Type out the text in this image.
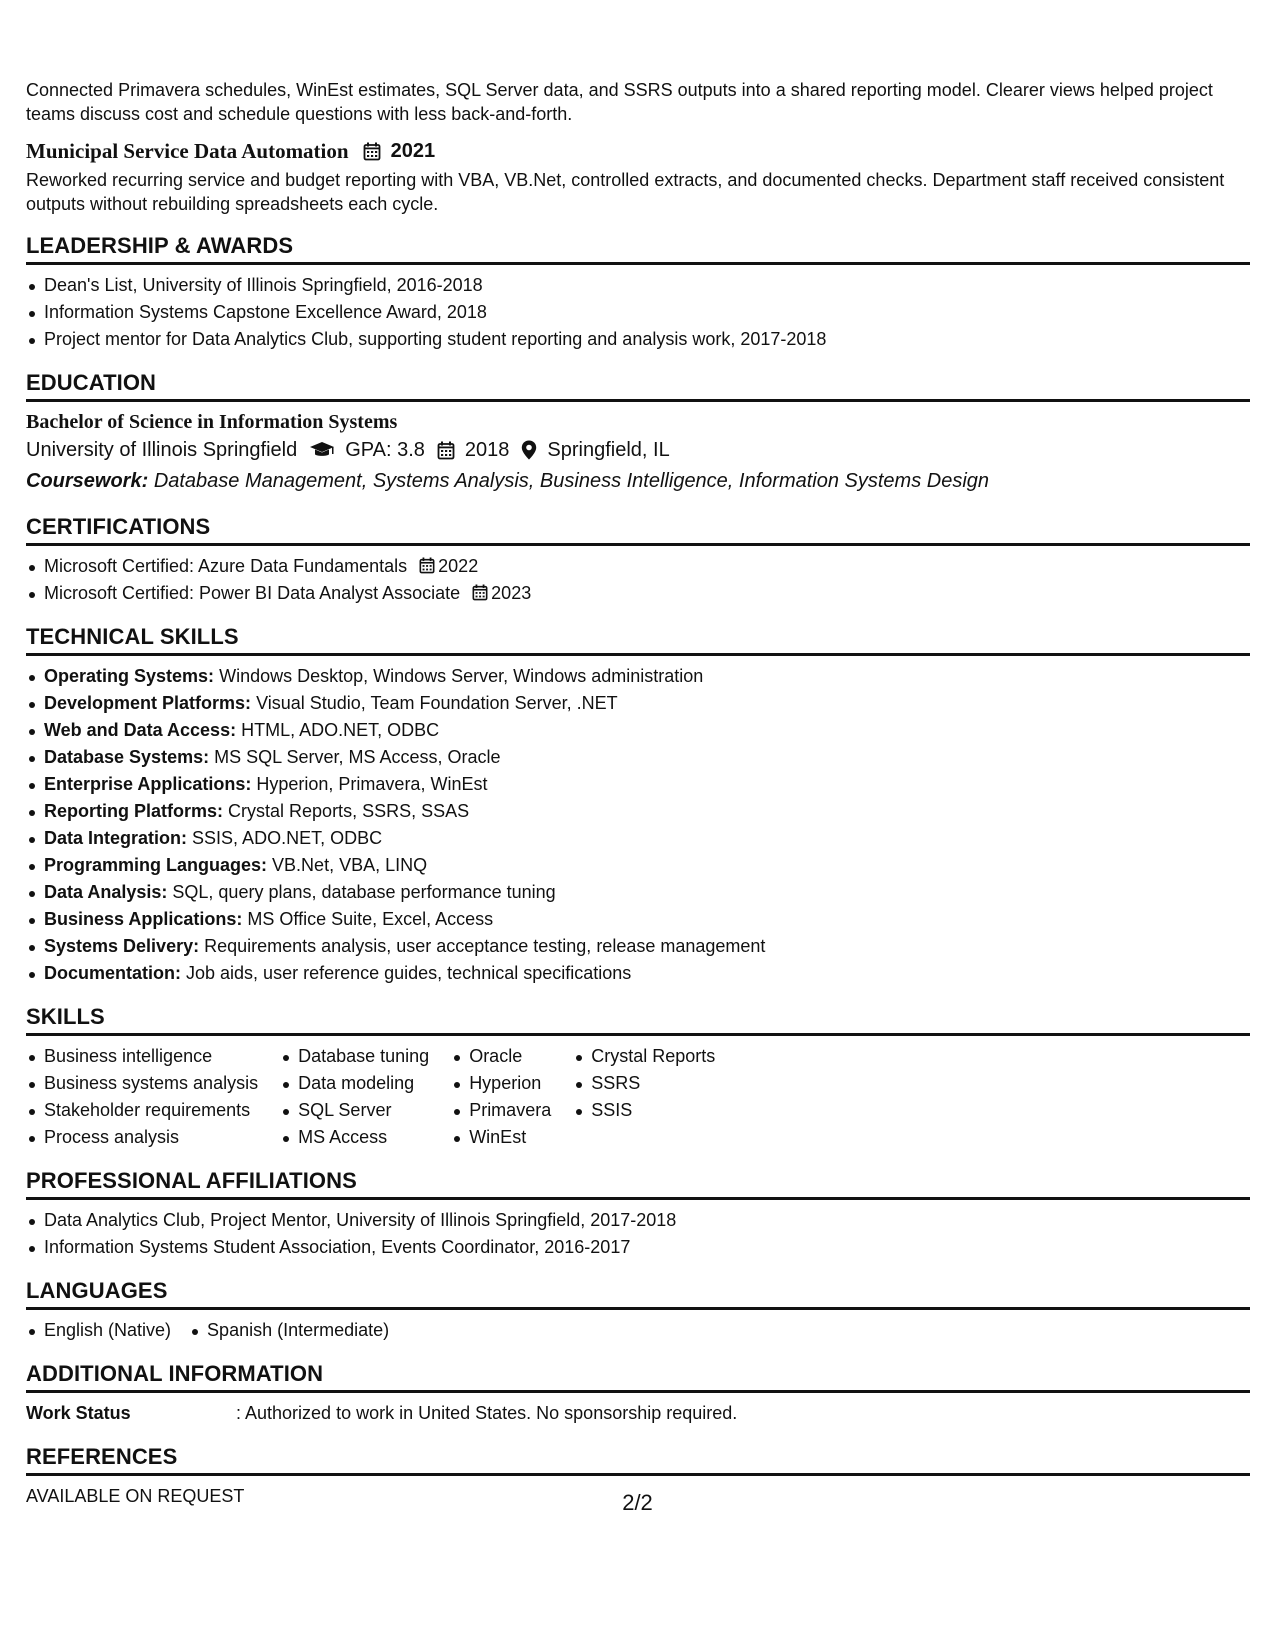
Connected Primavera schedules, WinEst estimates, SQL Server data, and SSRS outputs into a shared reporting model. Clearer views helped project teams discuss cost and schedule questions with less back-and-forth.

Municipal Service Data Automation 2021

Reworked recurring service and budget reporting with VBA, VB.Net, controlled extracts, and documented checks. Department staff received consistent outputs without rebuilding spreadsheets each cycle.

LEADERSHIP & AWARDS
Dean's List, University of Illinois Springfield, 2016-2018
Information Systems Capstone Excellence Award, 2018
Project mentor for Data Analytics Club, supporting student reporting and analysis work, 2017-2018
EDUCATION
Bachelor of Science in Information Systems
University of Illinois Springfield GPA: 3.8 2018 Springfield, IL
Coursework: Database Management, Systems Analysis, Business Intelligence, Information Systems Design
CERTIFICATIONS
Microsoft Certified: Azure Data Fundamentals 2022
Microsoft Certified: Power BI Data Analyst Associate 2023
TECHNICAL SKILLS
Operating Systems: Windows Desktop, Windows Server, Windows administration
Development Platforms: Visual Studio, Team Foundation Server, .NET
Web and Data Access: HTML, ADO.NET, ODBC
Database Systems: MS SQL Server, MS Access, Oracle
Enterprise Applications: Hyperion, Primavera, WinEst
Reporting Platforms: Crystal Reports, SSRS, SSAS
Data Integration: SSIS, ADO.NET, ODBC
Programming Languages: VB.Net, VBA, LINQ
Data Analysis: SQL, query plans, database performance tuning
Business Applications: MS Office Suite, Excel, Access
Systems Delivery: Requirements analysis, user acceptance testing, release management
Documentation: Job aids, user reference guides, technical specifications
SKILLS
Business intelligence
Business systems analysis
Stakeholder requirements
Process analysis
Database tuning
Data modeling
SQL Server
MS Access
Oracle
Hyperion
Primavera
WinEst
Crystal Reports
SSRS
SSIS
PROFESSIONAL AFFILIATIONS
Data Analytics Club, Project Mentor, University of Illinois Springfield, 2017-2018
Information Systems Student Association, Events Coordinator, 2016-2017
LANGUAGES
English (Native)	Spanish (Intermediate)
ADDITIONAL INFORMATION
Work Status	: Authorized to work in United States. No sponsorship required.
REFERENCES
AVAILABLE ON REQUEST	2/2
